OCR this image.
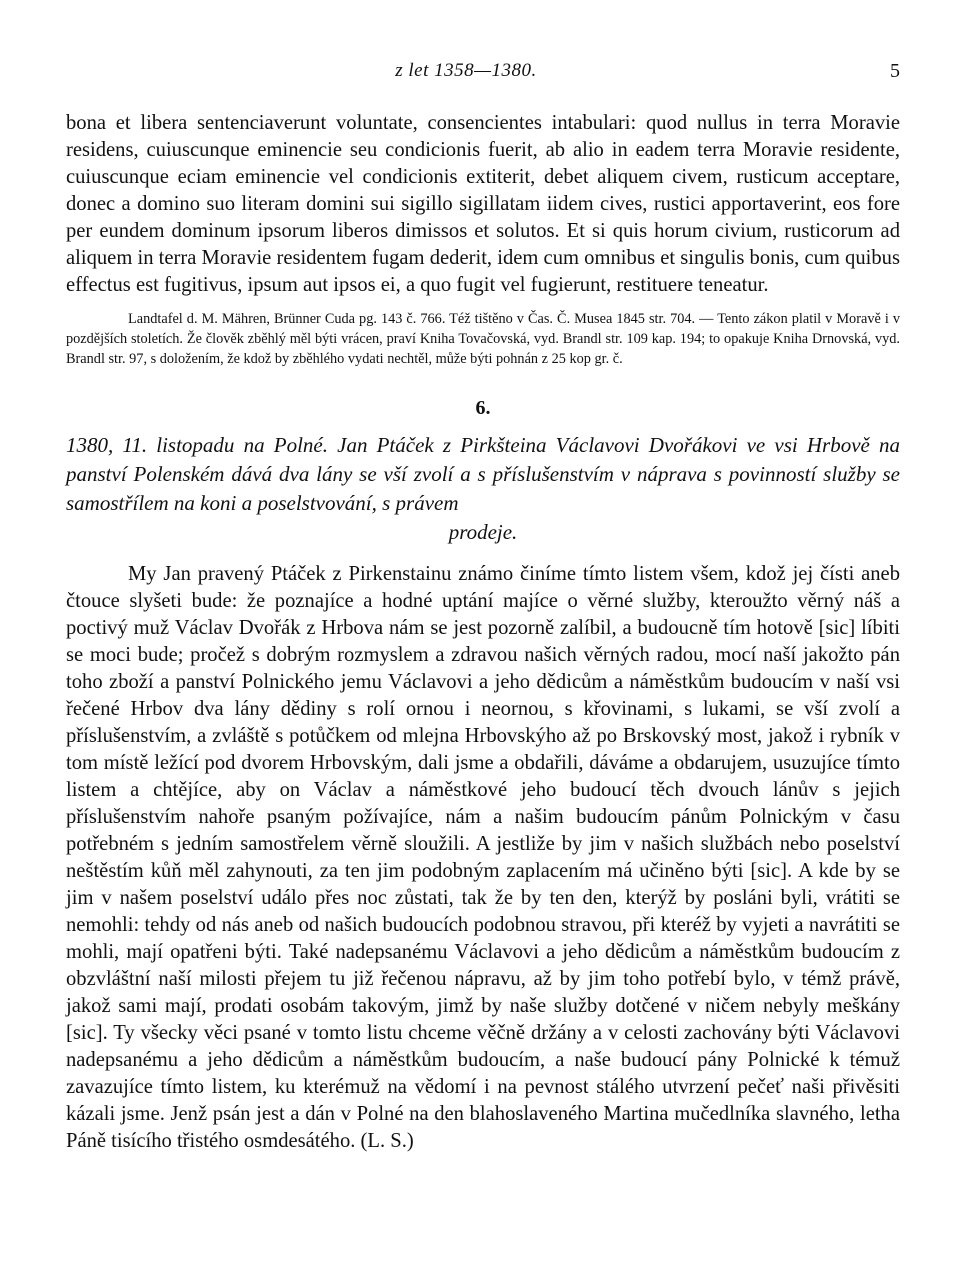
z let 1358—1380.	5

bona et libera sentenciaverunt voluntate, consencientes intabulari: quod nullus in terra Moravie residens, cuiuscunque eminencie seu condicionis fuerit, ab alio in eadem terra Moravie residente, cuiuscunque eciam eminencie vel condicionis extiterit, debet aliquem civem, rusticum acceptare, donec a domino suo literam domini sui sigillo sigillatam iidem cives, rustici apportaverint, eos fore per eundem dominum ipsorum liberos dimissos et solutos. Et si quis horum civium, rusticorum ad aliquem in terra Moravie residentem fugam dederit, idem cum omnibus et singulis bonis, cum quibus effectus est fugitivus, ipsum aut ipsos ei, a quo fugit vel fugierunt, restituere teneatur.

Landtafel d. M. Mähren, Brünner Cuda pg. 143 č. 766. Též tištěno v Čas. Č. Musea 1845 str. 704. — Tento zákon platil v Moravě i v pozdějších stoletích. Že člověk zběhlý měl býti vrácen, praví Kniha Tovačovská, vyd. Brandl str. 109 kap. 194; to opakuje Kniha Drnovská, vyd. Brandl str. 97, s doložením, že kdož by zběhlého vydati nechtěl, může býti pohnán z 25 kop gr. č.

6.

1380, 11. listopadu na Polné. Jan Ptáček z Pirkšteina Václavovi Dvořákovi ve vsi Hrbově na panství Polenském dává dva lány se vší zvolí a s příslušenstvím v náprava s povinností služby se samostřílem na koni a poselstvování, s právem

prodeje.

My Jan pravený Ptáček z Pirkenstainu známo činíme tímto listem všem, kdož jej čísti aneb čtouce slyšeti bude: že poznajíce a hodné uptání majíce o věrné služby, kteroužto věrný náš a poctivý muž Václav Dvořák z Hrbova nám se jest pozorně zalíbil, a budoucně tím hotově [sic] líbiti se moci bude; pročež s dobrým rozmyslem a zdravou našich věrných radou, mocí naší jakožto pán toho zboží a panství Polnického jemu Václavovi a jeho dědicům a náměstkům budoucím v naší vsi řečené Hrbov dva lány dědiny s rolí ornou i neornou, s křovinami, s lukami, se vší zvolí a příslušenstvím, a zvláště s potůčkem od mlejna Hrbovskýho až po Brskovský most, jakož i rybník v tom místě ležící pod dvorem Hrbovským, dali jsme a obdařili, dáváme a obdarujem, usuzujíce tímto listem a chtějíce, aby on Václav a náměstkové jeho budoucí těch dvouch lánův s jejich příslušenstvím nahoře psaným požívajíce, nám a našim budoucím pánům Polnickým v času potřebném s jedním samostřelem věrně sloužili. A jestliže by jim v našich službách nebo poselství neštěstím kůň měl zahynouti, za ten jim podobným zaplacením má učiněno býti [sic]. A kde by se jim v našem poselství událo přes noc zůstati, tak že by ten den, kterýž by posláni byli, vrátiti se nemohli: tehdy od nás aneb od našich budoucích podobnou stravou, při kteréž by vyjeti a navrátiti se mohli, mají opatřeni býti. Také nadepsanému Václavovi a jeho dědicům a náměstkům budoucím z obzvláštní naší milosti přejem tu již řečenou nápravu, až by jim toho potřebí bylo, v témž právě, jakož sami mají, prodati osobám takovým, jimž by naše služby dotčené v ničem nebyly meškány [sic]. Ty všecky věci psané v tomto listu chceme věčně držány a v celosti zachovány býti Václavovi nadepsanému a jeho dědicům a náměstkům budoucím, a naše budoucí pány Polnické k témuž zavazujíce tímto listem, ku kterémuž na vědomí i na pevnost stálého utvrzení pečeť naši přivěsiti kázali jsme. Jenž psán jest a dán v Polné na den blahoslaveného Martina mučedlníka slavného, letha Páně tisícího třistého osmdesátého. (L. S.)
